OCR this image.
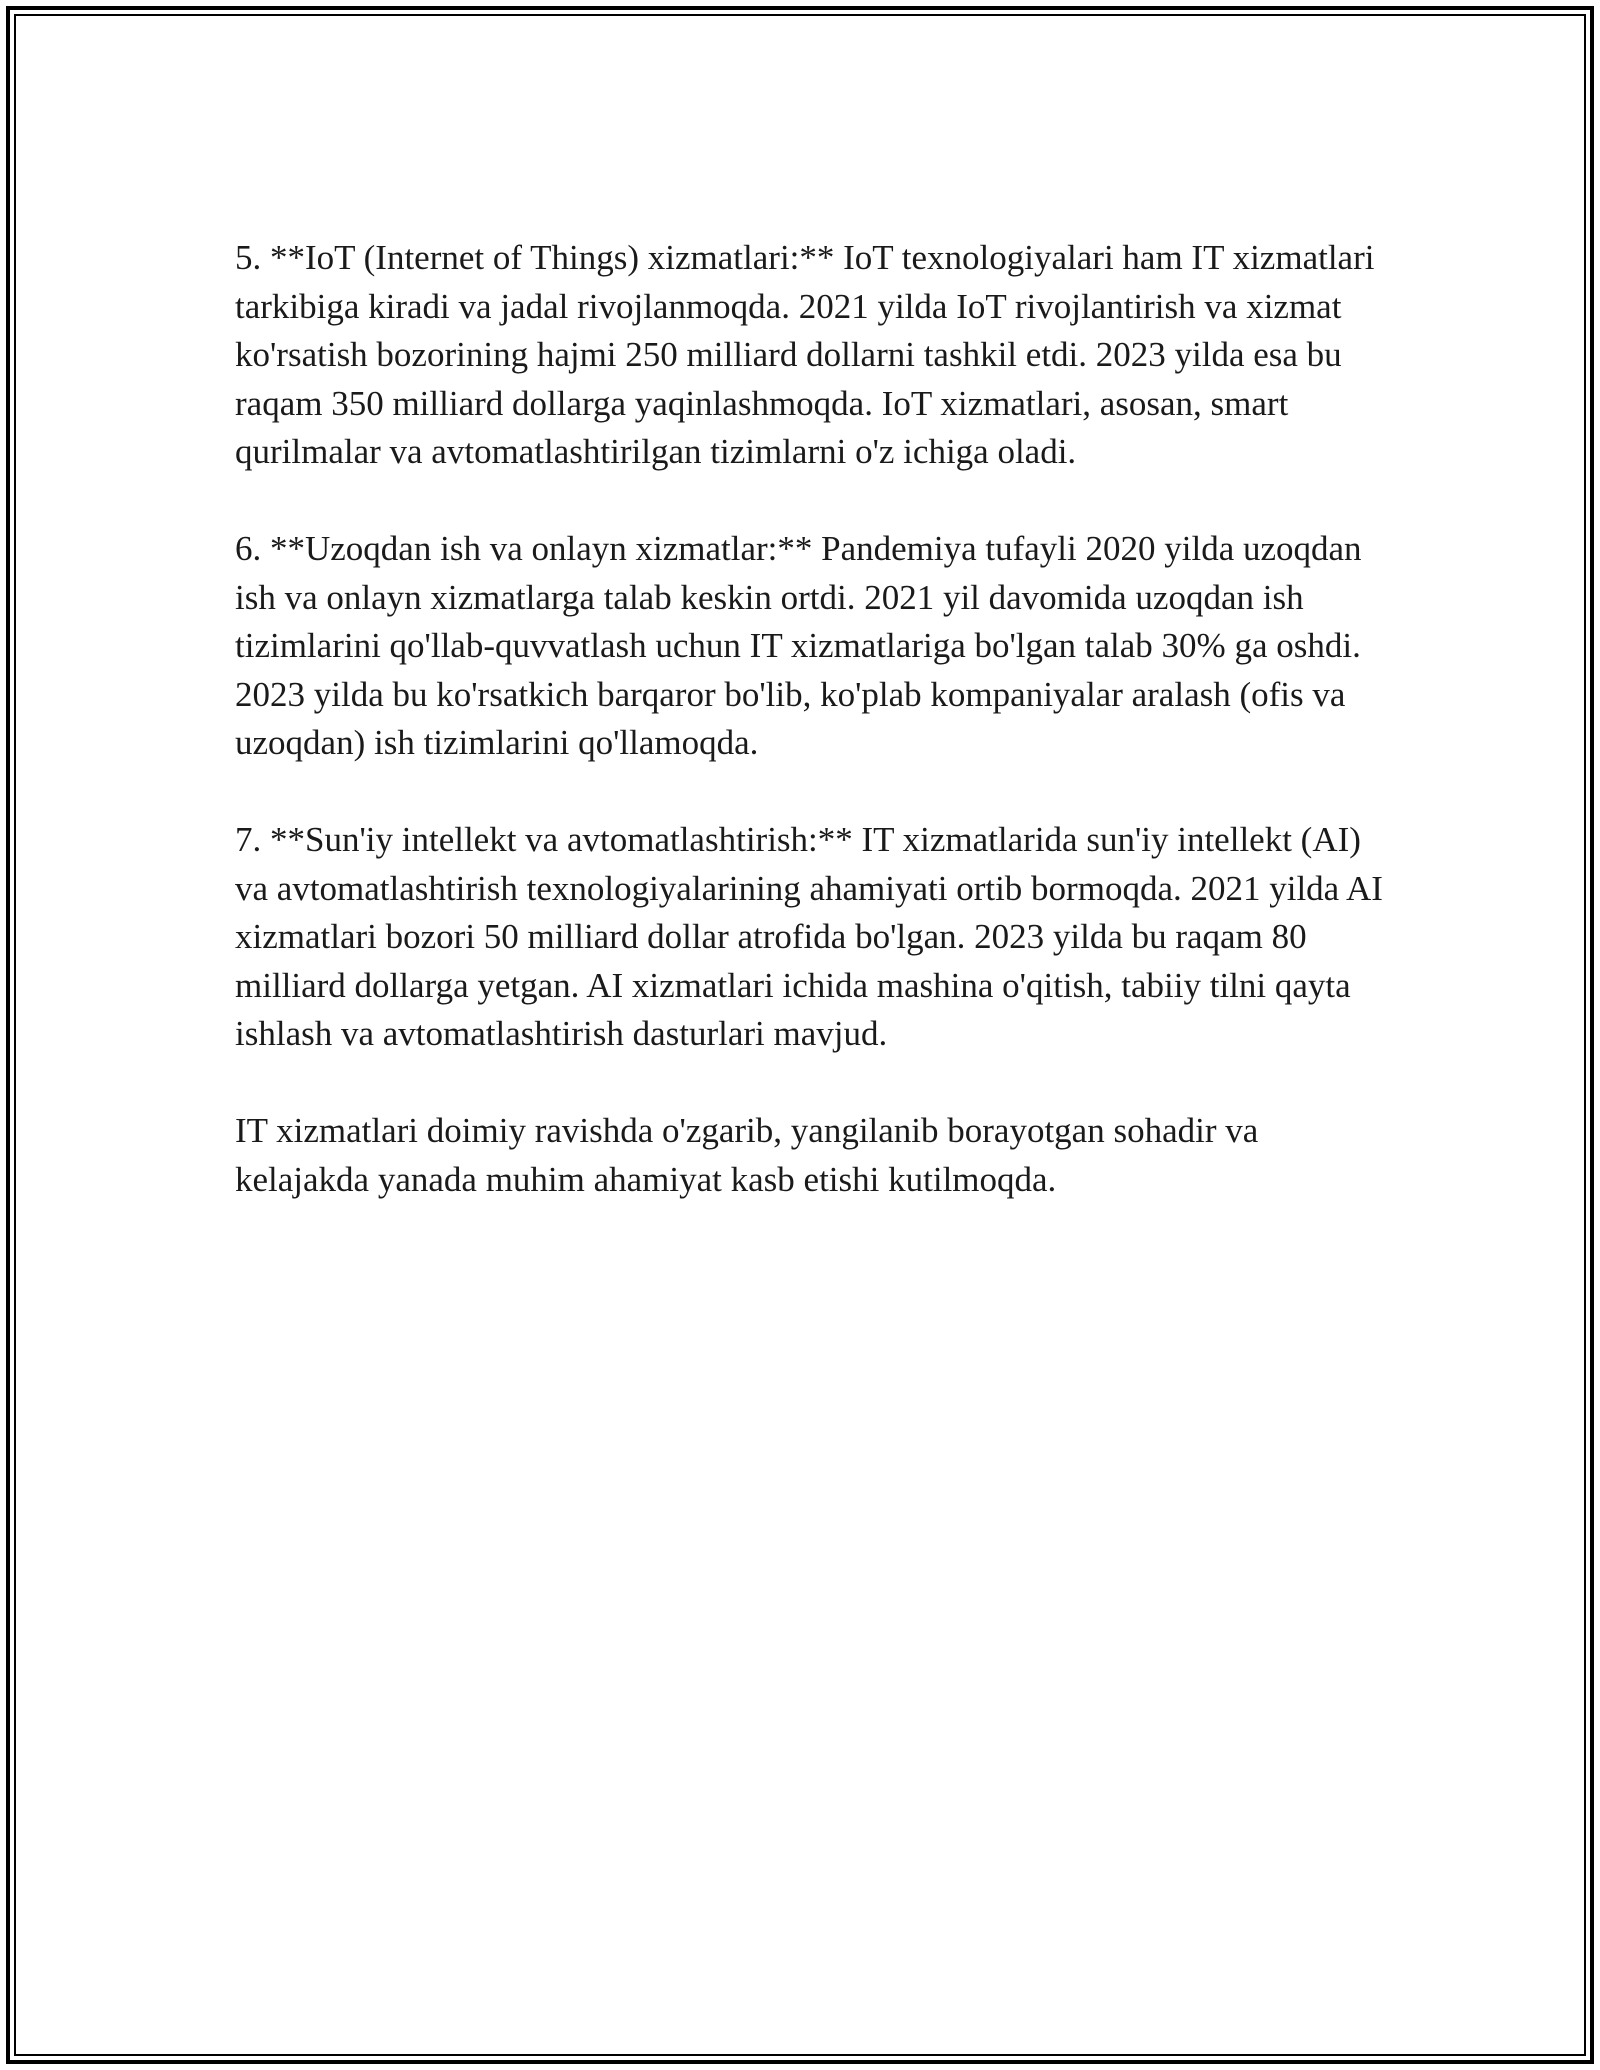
5. **IoT (Internet of Things) xizmatlari:** IoT texnologiyalari ham IT xizmatlari tarkibiga kiradi va jadal rivojlanmoqda. 2021 yilda IoT rivojlantirish va xizmat ko'rsatish bozorining hajmi 250 milliard dollarni tashkil etdi. 2023 yilda esa bu raqam 350 milliard dollarga yaqinlashmoqda. IoT xizmatlari, asosan, smart qurilmalar va avtomatlashtirilgan tizimlarni o'z ichiga oladi.

6. **Uzoqdan ish va onlayn xizmatlar:** Pandemiya tufayli 2020 yilda uzoqdan ish va onlayn xizmatlarga talab keskin ortdi. 2021 yil davomida uzoqdan ish tizimlarini qo'llab-quvvatlash uchun IT xizmatlariga bo'lgan talab 30% ga oshdi. 2023 yilda bu ko'rsatkich barqaror bo'lib, ko'plab kompaniyalar aralash (ofis va uzoqdan) ish tizimlarini qo'llamoqda.

7. **Sun'iy intellekt va avtomatlashtirish:** IT xizmatlarida sun'iy intellekt (AI) va avtomatlashtirish texnologiyalarining ahamiyati ortib bormoqda. 2021 yilda AI xizmatlari bozori 50 milliard dollar atrofida bo'lgan. 2023 yilda bu raqam 80 milliard dollarga yetgan. AI xizmatlari ichida mashina o'qitish, tabiiy tilni qayta ishlash va avtomatlashtirish dasturlari mavjud.

IT xizmatlari doimiy ravishda o'zgarib, yangilanib borayotgan sohadir va kelajakda yanada muhim ahamiyat kasb etishi kutilmoqda.
